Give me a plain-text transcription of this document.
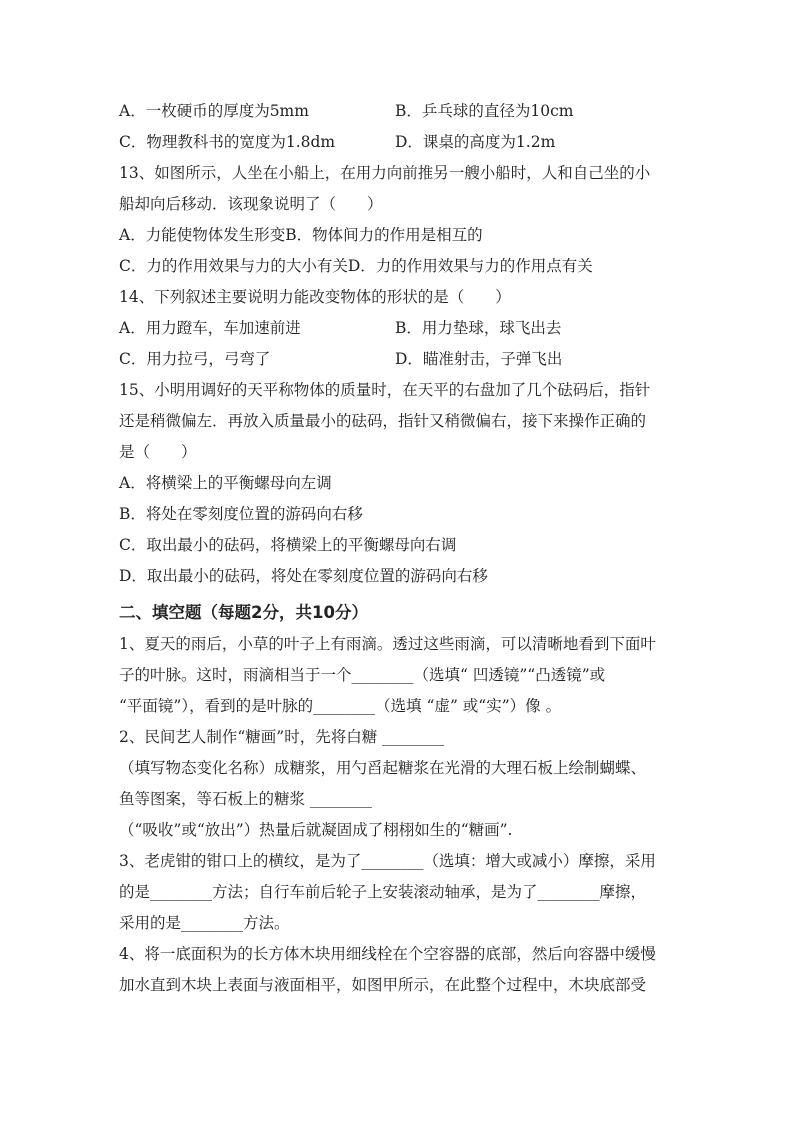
A．一枚硬币的厚度为5mm	B．乒乓球的直径为10cm
C．物理教科书的宽度为1.8dm	D．课桌的高度为1.2m
13、如图所示，人坐在小船上，在用力向前推另一艘小船时，人和自己坐的小
船却向后移动．该现象说明了（　　）
A．力能使物体发生形变B．物体间力的作用是相互的
C．力的作用效果与力的大小有关D．力的作用效果与力的作用点有关
14、下列叙述主要说明力能改变物体的形状的是（　　）
A．用力蹬车，车加速前进	B．用力垫球，球飞出去
C．用力拉弓，弓弯了	D．瞄准射击，子弹飞出
15、小明用调好的天平称物体的质量时，在天平的右盘加了几个砝码后，指针
还是稍微偏左．再放入质量最小的砝码，指针又稍微偏右，接下来操作正确的
是（　　）
A．将横梁上的平衡螺母向左调
B．将处在零刻度位置的游码向右移
C．取出最小的砝码，将横梁上的平衡螺母向右调
D．取出最小的砝码，将处在零刻度位置的游码向右移
二、填空题（每题2分，共10分）
1、夏天的雨后，小草的叶子上有雨滴。透过这些雨滴，可以清晰地看到下面叶
子的叶脉。这时，雨滴相当于一个________（选填“ 凹透镜”“凸透镜”或
“平面镜”），看到的是叶脉的________（选填 “虚” 或“实”）像 。
2、民间艺人制作“糖画”时，先将白糖 ________
（填写物态变化名称）成糖浆，用勺舀起糖浆在光滑的大理石板上绘制蝴蝶、
鱼等图案，等石板上的糖浆 ________
（“吸收”或“放出”）热量后就凝固成了栩栩如生的“糖画”.
3、老虎钳的钳口上的横纹，是为了________（选填：增大或减小）摩擦，采用
的是________方法；自行车前后轮子上安装滚动轴承，是为了________摩擦，
采用的是________方法。
4、将一底面积为的长方体木块用细线栓在个空容器的底部，然后向容器中缓慢
加水直到木块上表面与液面相平，如图甲所示，在此整个过程中，木块底部受
